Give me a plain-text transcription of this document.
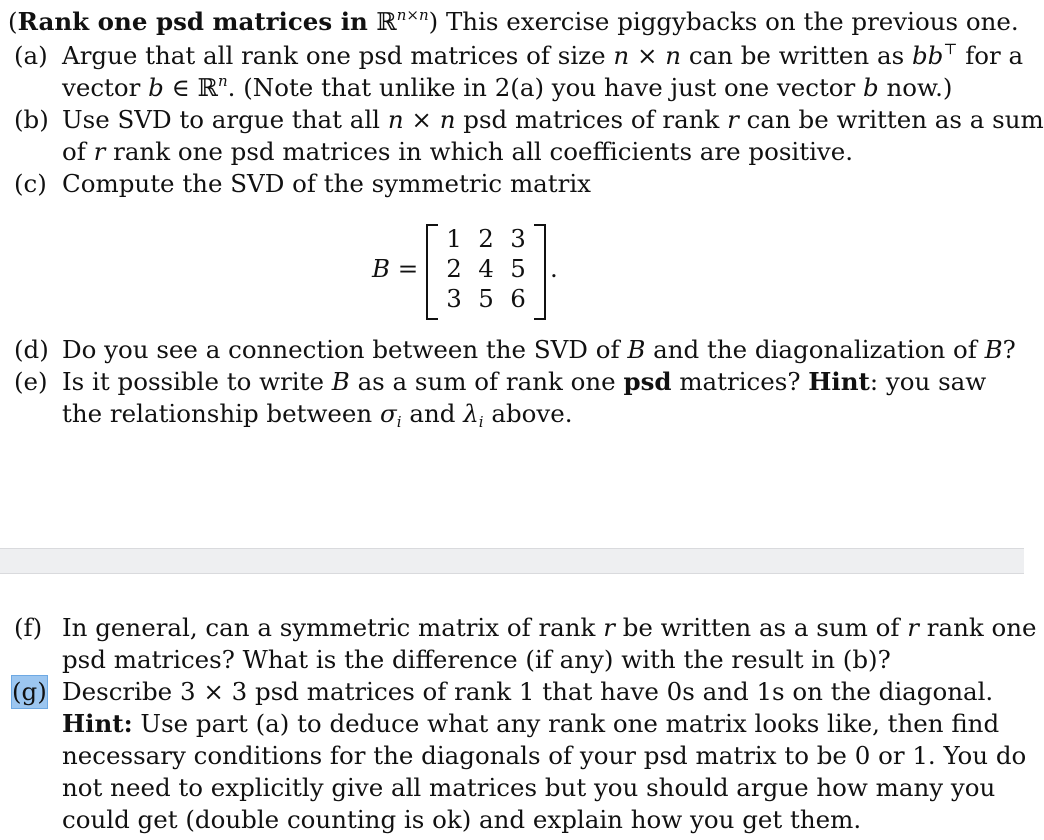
(Rank one psd matrices in ℝ$^{n\times n}$) This exercise piggybacks on the previous one.
(a) Argue that all rank one psd matrices of size n × n can be written as bb⊤ for a
vector b ∈ ℝ$^n$. (Note that unlike in 2(a) you have just one vector b now.)
(b) Use SVD to argue that all n × n psd matrices of rank r can be written as a sum
of r rank one psd matrices in which all coefficients are positive.
(c) Compute the SVD of the symmetric matrix
B =
1 2 3
2 4 5
3 5 6
.
(d) Do you see a connection between the SVD of B and the diagonalization of B?
(e) Is it possible to write B as a sum of rank one psd matrices? Hint: you saw
the relationship between $\sigma_i$ and $\lambda_i$ above.
(f) In general, can a symmetric matrix of rank r be written as a sum of r rank one
psd matrices? What is the difference (if any) with the result in (b)?
(g) Describe 3 × 3 psd matrices of rank 1 that have 0s and 1s on the diagonal.
Hint: Use part (a) to deduce what any rank one matrix looks like, then find
necessary conditions for the diagonals of your psd matrix to be 0 or 1. You do
not need to explicitly give all matrices but you should argue how many you
could get (double counting is ok) and explain how you get them.
